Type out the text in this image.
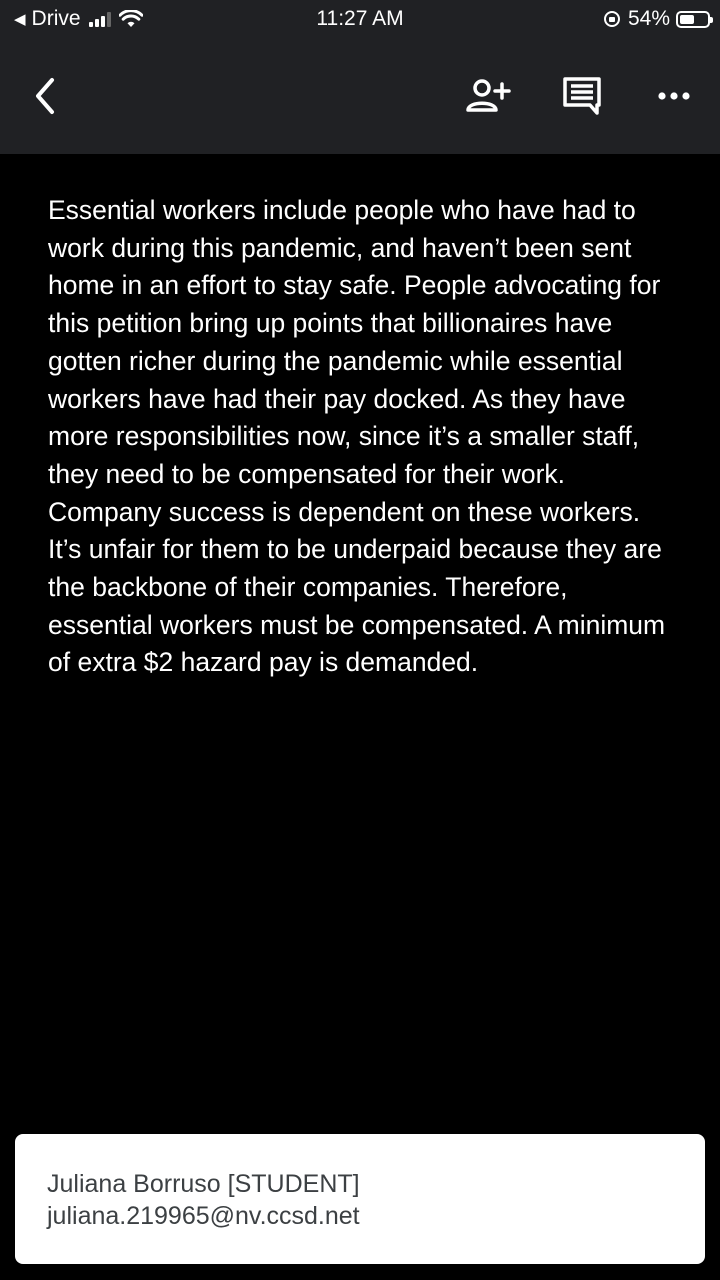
◀ Drive	11:27 AM	54%

Essential workers include people who have had to work during this pandemic, and haven’t been sent home in an effort to stay safe. People advocating for this petition bring up points that billionaires have gotten richer during the pandemic while essential workers have had their pay docked. As they have more responsibilities now, since it’s a smaller staff, they need to be compensated for their work. Company success is dependent on these workers. It’s unfair for them to be underpaid because they are the backbone of their companies. Therefore, essential workers must be compensated. A minimum of extra $2 hazard pay is demanded.

Juliana Borruso [STUDENT]
juliana.219965@nv.ccsd.net
